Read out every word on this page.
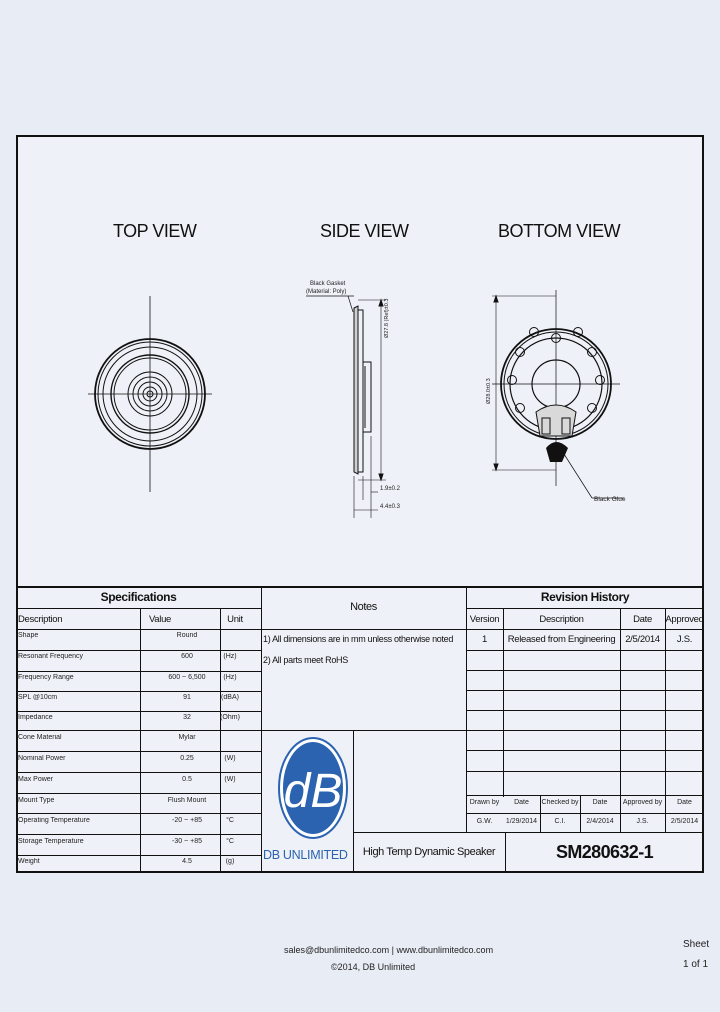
TOP VIEW	SIDE VIEW	BOTTOM VIEW
Black Gasket
(Material: Poly)
Ø27.8 (Ref)±0.3
1.9±0.2
4.4±0.3
Ø28.0±0.3
Black Glue
Specifications
Description	Value	Unit
Shape	Round
Resonant Frequency	600	(Hz)
Frequency Range	600 ~ 6,500	(Hz)
SPL @10cm	91	(dBA)
Impedance	32	(Ohm)
Cone Material	Mylar
Nominal Power	0.25	(W)
Max Power	0.5	(W)
Mount Type	Flush Mount
Operating Temperature	-20 ~ +85	°C
Storage Temperature	-30 ~ +85	°C
Weight	4.5	(g)
Notes
1) All dimensions are in mm unless otherwise noted
2) All parts meet RoHS
Revision History
Version	Description	Date	Approved
1	Released from Engineering	2/5/2014	J.S.
Drawn by	Date	Checked by	Date	Approved by	Date
G.W.	1/29/2014	C.I.	2/4/2014	J.S.	2/5/2014
dB
DB UNLIMITED	High Temp Dynamic Speaker	SM280632-1
sales@dbunlimitedco.com | www.dbunlimitedco.com
©2014, DB Unlimited
Sheet
1 of 1
